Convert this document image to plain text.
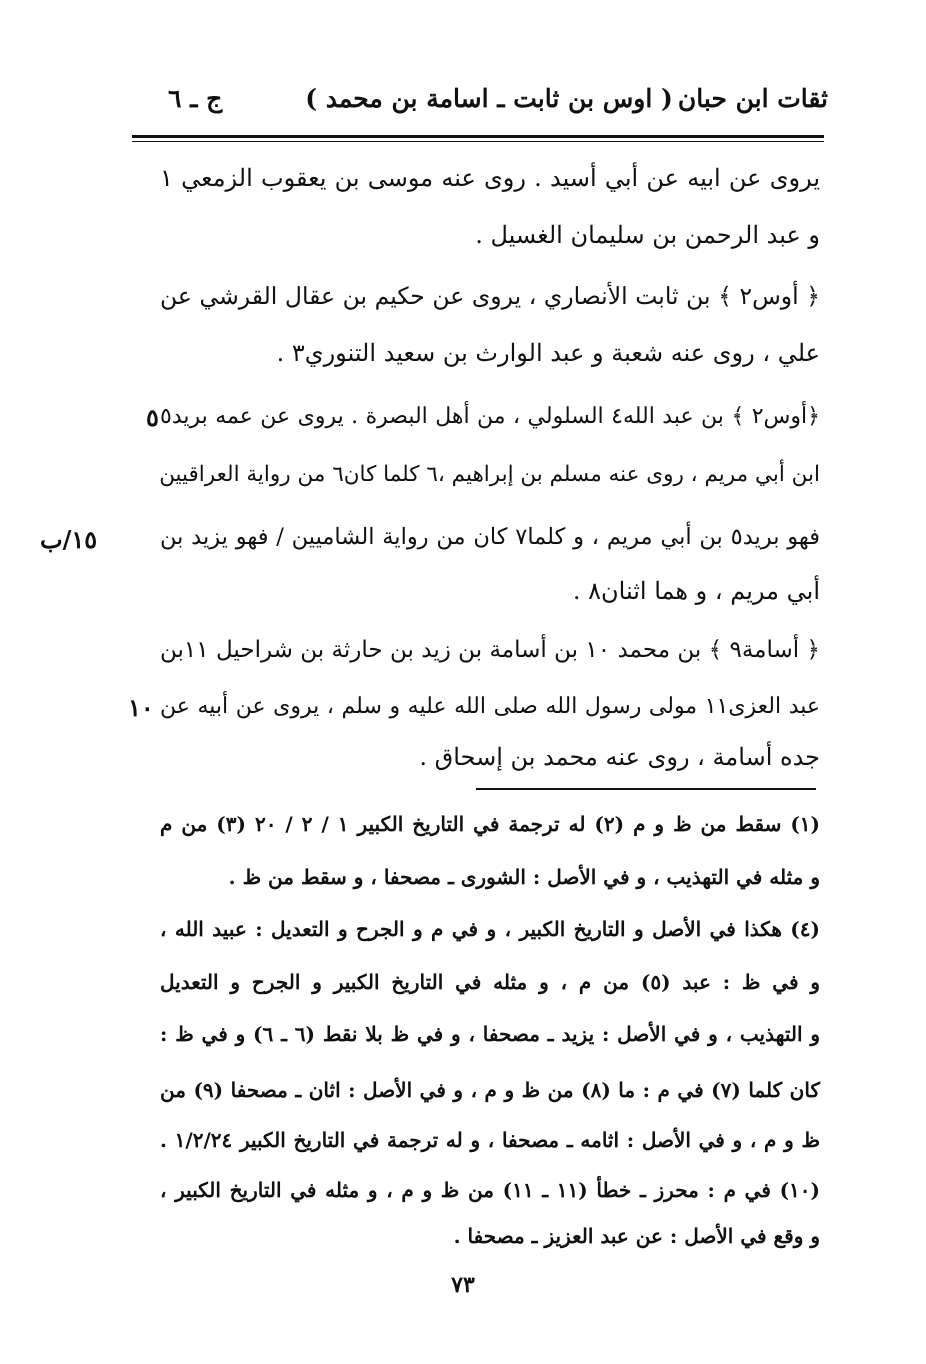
ثقات ابن حبان
( اوس بن ثابت ـ اسامة بن محمد )
ج ـ ٦
يروى عن ابيه عن أبي أسيد . روى عنه موسى بن يعقوب الزمعي ١
و عبد الرحمن بن سليمان الغسيل .
﴿ أوس٢ ﴾ بن ثابت الأنصاري ، يروى عن حكيم بن عقال القرشي عن
علي ، روى عنه شعبة و عبد الوارث بن سعيد التنوري٣ .
﴿أوس٢ ﴾ بن عبد الله٤ السلولي ، من أهل البصرة . يروى عن عمه بريد٥
ابن أبي مريم ، روى عنه مسلم بن إبراهيم ،٦ كلما كان٦ من رواية العراقيين
فهو بريد٥ بن أبي مريم ، و كلما٧ كان من رواية الشاميين / فهو يزيد بن
أبي مريم ، و هما اثنان٨ .
﴿ أسامة٩ ﴾ بن محمد ١٠ بن أسامة بن زيد بن حارثة بن شراحيل ١١بن
عبد العزى١١ مولى رسول الله صلى الله عليه و سلم ، يروى عن أبيه عن
جده أسامة ، روى عنه محمد بن إسحاق .
٥
١٥/ب
١٠
(١) سقط من ظ و م (٢) له ترجمة في التاريخ الكبير ١ / ٢ / ٢٠ (٣) من م
و مثله في التهذيب ، و في الأصل : الشورى ـ مصحفا ، و سقط من ظ .
(٤) هكذا في الأصل و التاريخ الكبير ، و في م و الجرح و التعديل : عبيد الله ،
و في ظ : عبد (٥) من م ، و مثله في التاريخ الكبير و الجرح و التعديل
و التهذيب ، و في الأصل : يزيد ـ مصحفا ، و في ظ بلا نقط (٦ ـ ٦) و في ظ :
كان كلما (٧) في م : ما (٨) من ظ و م ، و في الأصل : اثان ـ مصحفا (٩) من
ظ و م ، و في الأصل : اثامه ـ مصحفا ، و له ترجمة في التاريخ الكبير ١/٢/٢٤ .
(١٠) في م : محرز ـ خطأ (١١ ـ ١١) من ظ و م ، و مثله في التاريخ الكبير ،
و وقع في الأصل : عن عبد العزيز ـ مصحفا .
٧٣
